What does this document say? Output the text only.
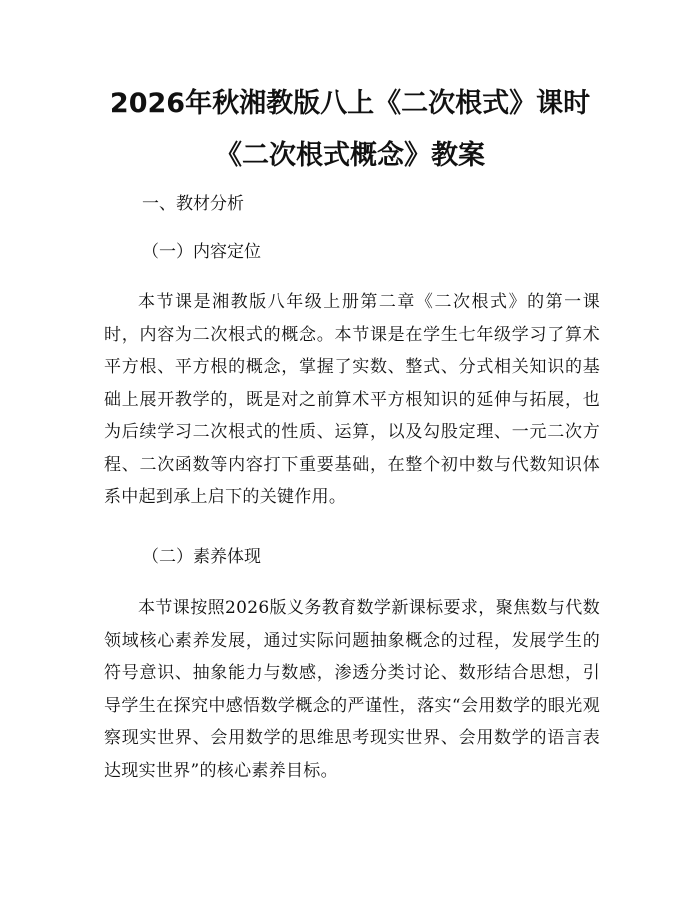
2026年秋湘教版八上《二次根式》课时《二次根式概念》教案

一、教材分析

（一）内容定位

本节课是湘教版八年级上册第二章《二次根式》的第一课时，内容为二次根式的概念。本节课是在学生七年级学习了算术平方根、平方根的概念，掌握了实数、整式、分式相关知识的基础上展开教学的，既是对之前算术平方根知识的延伸与拓展，也为后续学习二次根式的性质、运算，以及勾股定理、一元二次方程、二次函数等内容打下重要基础，在整个初中数与代数知识体系中起到承上启下的关键作用。

（二）素养体现

本节课按照2026版义务教育数学新课标要求，聚焦数与代数领域核心素养发展，通过实际问题抽象概念的过程，发展学生的符号意识、抽象能力与数感，渗透分类讨论、数形结合思想，引导学生在探究中感悟数学概念的严谨性，落实“会用数学的眼光观察现实世界、会用数学的思维思考现实世界、会用数学的语言表达现实世界”的核心素养目标。
